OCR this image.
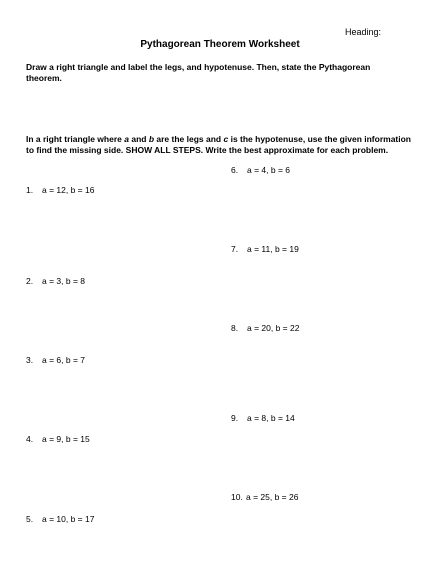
Heading:
Pythagorean Theorem Worksheet
Draw a right triangle and label the legs, and hypotenuse. Then, state the Pythagorean theorem.
In a right triangle where a and b are the legs and c is the hypotenuse, use the given information to find the missing side. SHOW ALL STEPS. Write the best approximate for each problem.
1. a = 12, b = 16
2. a = 3, b = 8
3. a = 6, b = 7
4. a = 9, b = 15
5. a = 10, b = 17
6. a = 4, b = 6
7. a = 11, b = 19
8. a = 20, b = 22
9. a = 8, b = 14
10. a = 25, b = 26
